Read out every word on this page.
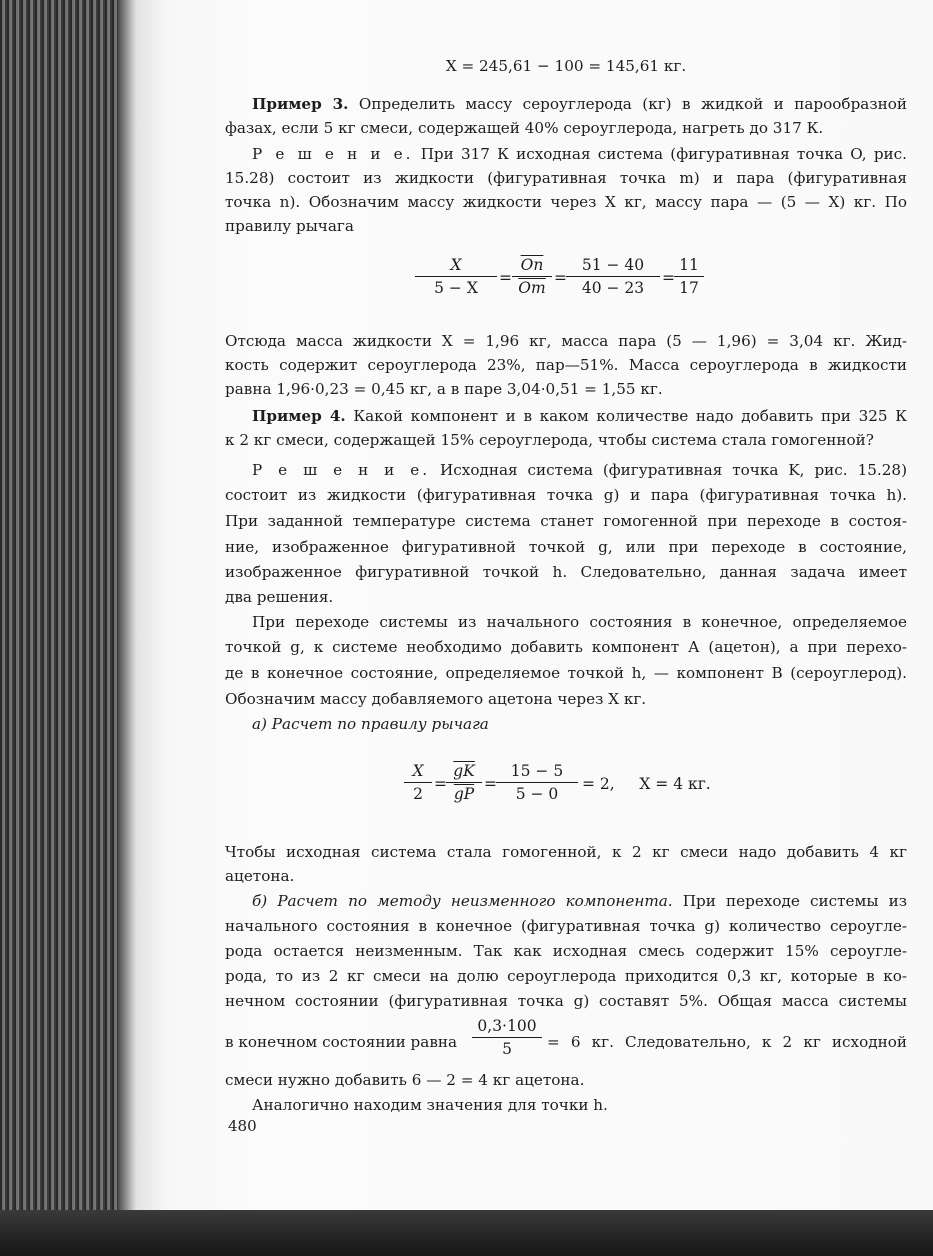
X = 245,61 − 100 = 145,61 кг.
Пример 3. Определить массу сероуглерода (кг) в жидкой и парообразной
фазах, если 5 кг смеси, содержащей 40% сероуглерода, нагреть до 317 К.
Р е ш е н и е. При 317 К исходная система (фигуративная точка O, рис.
15.28) состоит из жидкости (фигуративная точка m) и пара (фигуративная
точка n). Обозначим массу жидкости через X кг, массу пара — (5 — X) кг. По
правилу рычага
$\frac{X}{5 - X} = \frac{\overline{On}}{Om} = \frac{51 - 40}{40 - 23} = \frac{11}{17}$
Отсюда масса жидкости X = 1,96 кг, масса пара (5 — 1,96) = 3,04 кг. Жид-
кость содержит сероуглерода 23%, пар—51%. Масса сероуглерода в жидкости
равна 1,96·0,23 = 0,45 кг, а в паре 3,04·0,51 = 1,55 кг.
Пример 4. Какой компонент и в каком количестве надо добавить при 325 К
к 2 кг смеси, содержащей 15% сероуглерода, чтобы система стала гомогенной?
Р е ш е н и е. Исходная система (фигуративная точка K, рис. 15.28)
состоит из жидкости (фигуративная точка g) и пара (фигуративная точка h).
При заданной температуре система станет гомогенной при переходе в состоя-
ние, изображенное фигуративной точкой g, или при переходе в состояние,
изображенное фигуративной точкой h. Следовательно, данная задача имеет
два решения.
При переходе системы из начального состояния в конечное, определяемое
точкой g, к системе необходимо добавить компонент А (ацетон), а при перехо-
де в конечное состояние, определяемое точкой h, — компонент В (сероуглерод).
Обозначим массу добавляемого ацетона через X кг.
а) Расчет по правилу рычага
$\frac{X}{2} = \frac{\overline{gK}}{gP} = \frac{15 - 5}{5 - 0} = 2$,     X = 4 кг.
Чтобы исходная система стала гомогенной, к 2 кг смеси надо добавить 4 кг
ацетона.
б) Расчет по методу неизменного компонента. При переходе системы из
начального состояния в конечное (фигуративная точка g) количество сероугле-
рода остается неизменным. Так как исходная смесь содержит 15% сероугле-
рода, то из 2 кг смеси на долю сероуглерода приходится 0,3 кг, которые в ко-
нечном состоянии (фигуративная точка g) составят 5%. Общая масса системы
в конечном состоянии равна $\frac{0,3\cdot 100}{5} = 6$ кг. Следовательно, к 2 кг исходной
смеси нужно добавить 6 — 2 = 4 кг ацетона.
Аналогично находим значения для точки h.
480
